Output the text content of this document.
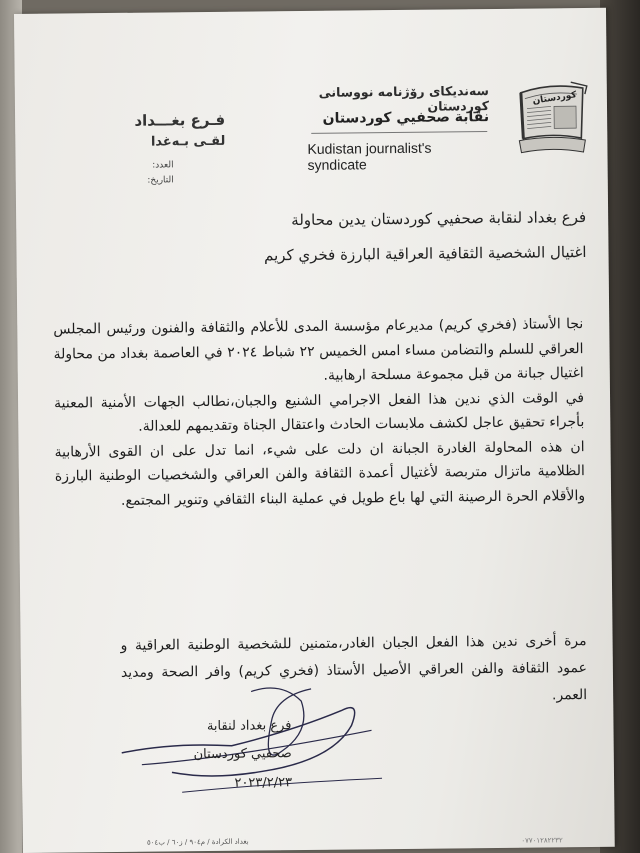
کوردستان
سەندیکای رۆژنامە نووسانی کوردستان
نقابة صحفيي كوردستان
Kudistan journalist's syndicate
فـرع بغـــداد
لقـى بـەغدا
العدد:
التاريخ:
فرع بغداد لنقابة صحفيي كوردستان يدين محاولة
اغتيال الشخصية الثقافية العراقية البارزة فخري كريم

نجا الأستاذ (فخري كريم) مديرعام مؤسسة المدى للأعلام والثقافة والفنون ورئيس المجلس العراقي للسلم والتضامن مساء امس الخميس ٢٢ شباط ٢٠٢٤ في العاصمة بغداد من محاولة اغتيال جبانة من قبل مجموعة مسلحة ارهابية.

في الوقت الذي ندين هذا الفعل الاجرامي الشنيع والجبان،نطالب الجهات الأمنية المعنية بأجراء تحقيق عاجل لكشف ملابسات الحادث واعتقال الجناة وتقديمهم للعدالة.

ان هذه المحاولة الغادرة الجبانة ان دلت على شيء، انما تدل على ان القوى الأرهابية الظلامية ماتزال متربصة لأغتيال أعمدة الثقافة والفن العراقي والشخصيات الوطنية البارزة والأقلام الحرة الرصينة التي لها باع طويل في عملية البناء الثقافي وتنوير المجتمع.

مرة أخرى ندين هذا الفعل الجبان الغادر،متمنين للشخصية الوطنية العراقية و عمود الثقافة والفن العراقي الأصيل الأستاذ (فخري كريم) وافر الصحة ومديد العمر.
فرع بغداد لنقابة
صحفيي كوردستان
٢٠٢٣/٢/٢٣
بغداد الكرادة / م٩٠٤ / ز٦٠ / ب٥٠٤	٠٧٧٠١٢٨٢٢٣٢
